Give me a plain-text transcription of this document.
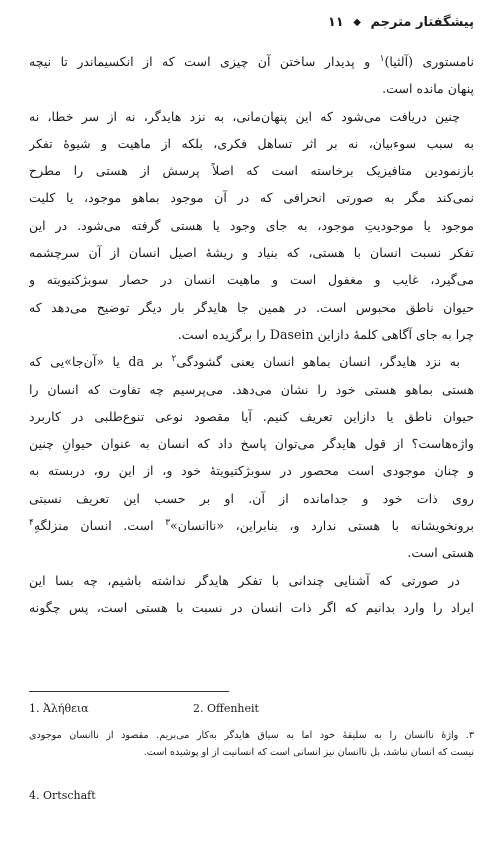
پیشگفتار مترجم ◆ ۱۱
نامستوری (آلثیا)$^۱$ و پدیدار ساختن آن چیزی است که از انکسیماندر تا نیچه
پنهان مانده است.
چنین دریافت می‌شود که این پنهان‌مانی، به نزد هایدگر، نه از سر خطا، نه
به سبب سوء‌بیان، نه بر اثر تساهل فکری، بلکه از ماهیت و شیوهٔ تفکر
بازنمودین متافیزیک برخاسته است که اصلاً پرسش از هستی را مطرح
نمی‌کند مگر به صورتی انحرافی که در آن موجود بماهو موجود، یا کلیت
موجود یا موجودیتِ موجود، به جای وجود یا هستی گرفته می‌شود. در این
تفکر نسبت انسان با هستی، که بنیاد و ریشهٔ اصیل انسان از آن سرچشمه
می‌گیرد، غایب و مغفول است و ماهیت انسان در حصار سوبژکتیویته و
حیوان ناطق محبوس است. در همین جا هایدگر بار دیگر توضیح می‌دهد که
چرا به جای آگاهی کلمهٔ دازاین Dasein را برگزیده است.
به نزد هایدگر، انسان بماهو انسان یعنی گشودگی$^۲$ بر da یا «آن‌جا»یی که
هستی بماهو هستی خود را نشان می‌دهد. می‌پرسیم چه تفاوت که انسان را
حیوان ناطق یا دازاین تعریف کنیم. آیا مقصود نوعی تنوع‌طلبی در کاربرد
واژه‌هاست؟ از قول هایدگر می‌توان پاسخ داد که انسان به عنوان حیوانِ چنین
و چنان موجودی است محصور در سوبژکتیویتهٔ خود و، از این رو، دربسته به
روی ذات خود و جدامانده از آن. او بر حسب این تعریف نسبتی
برونخویشانه با هستی ندارد و، بنابراین، «ناانسان»$^۳$ است. انسان منزلگهِ$^۴$
هستی است.
در صورتی که آشنایی چندانی با تفکر هایدگر نداشته باشیم، چه بسا این
ایراد را وارد بدانیم که اگر ذات انسان در نسبت با هستی است، پس چگونه
1. Ἀλήθεια	2. Offenheit
۳. واژهٔ ناانسان را به سلیقهٔ خود اما به سیاق هایدگر به‌کار می‌بریم. مقصود از ناانسان موجودی
نیست که انسان نباشد، بل ناانسان نیز انسانی است که انسانیت از او پوشیده است.
4. Ortschaft
